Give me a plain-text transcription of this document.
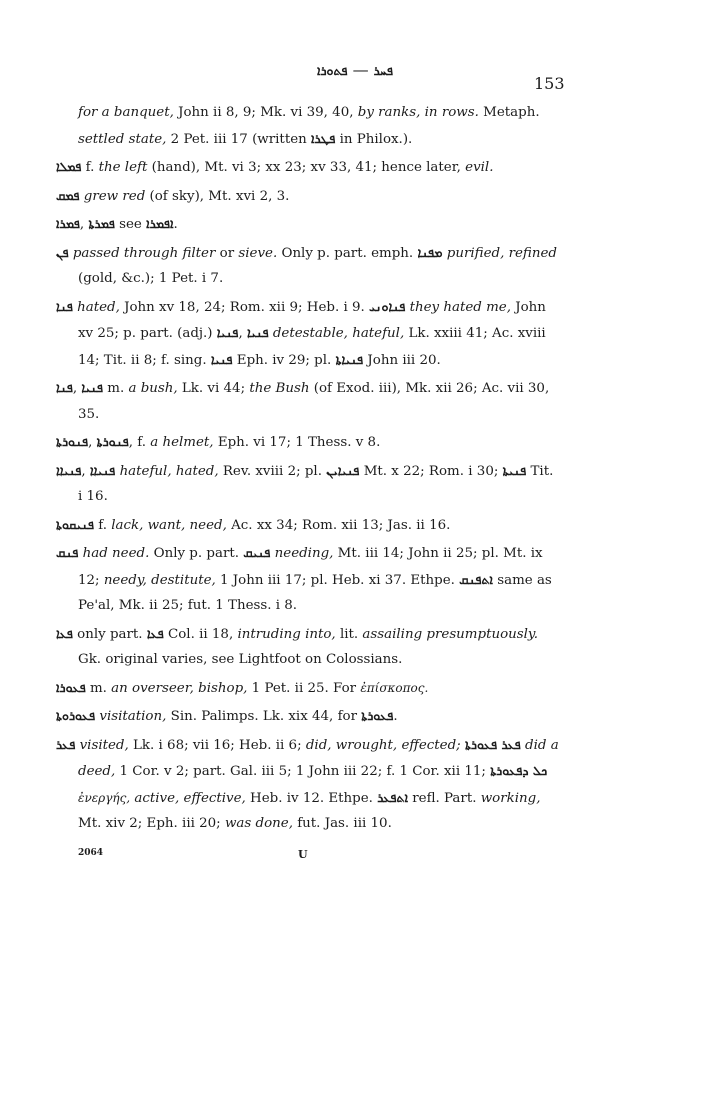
ܦܬܘܪܐ — ܦܚܪ
153

for a banquet, John ii 8, 9; Mk. vi 39, 40, by ranks, in rows. Metaph. settled state, 2 Pet. iii 17 (written ܦܛܪܐ in Philox.).

ܦܡܠܐ f. the left (hand), Mt. vi 3; xx 23; xv 33, 41; hence later, evil.

ܦܡܩ grew red (of sky), Mt. xvi 2, 3.

ܦܡܪܐ, ܦܡܪܬܐ see ܐܦܡܪܐ.

ܦܢ passed through filter or sieve. Only p. part. emph. ܡܦܢܐ purified, refined (gold, &c.); 1 Pet. i 7.

ܦܢܐ hated, John xv 18, 24; Rom. xii 9; Heb. i 9. ܦܢܐܘܢܝ they hated me, John xv 25; p. part. (adj.) ܦܢܝܐ, ܦܢܝܐ detestable, hateful, Lk. xxiii 41; Ac. xviii 14; Tit. ii 8; f. sing. ܦܢܝܐ Eph. iv 29; pl. ܦܢܝܐܬܐ John iii 20.

ܦܢܐ, ܦܢܝܐ m. a bush, Lk. vi 44; the Bush (of Exod. iii), Mk. xii 26; Ac. vii 30, 35.

ܦܢܘܪܬܐ, ܦܢܘܪܬܐ, f. a helmet, Eph. vi 17; 1 Thess. v 8.

ܦܢܝܐܐ, ܦܢܝܐܐ hateful, hated, Rev. xviii 2; pl. ܦܢܝܐܝܢ Mt. x 22; Rom. i 30; ܦܢܝܬܐ Tit. i 16.

ܦܢܝܩܘܬܐ f. lack, want, need, Ac. xx 34; Rom. xii 13; Jas. ii 16.

ܦܢܩ had need. Only p. part. ܦܢܝܩ needing, Mt. iii 14; John ii 25; pl. Mt. ix 12; needy, destitute, 1 John iii 17; pl. Heb. xi 37. Ethpe. ܐܬܦܢܩ same as Pe'al, Mk. ii 25; fut. 1 Thess. i 8.

ܦܥܐ only part. ܦܥܐ Col. ii 18, intruding into, lit. assailing presumptuously. Gk. original varies, see Lightfoot on Colossians.

ܦܥܘܪܐ m. an overseer, bishop, 1 Pet. ii 25. For ἐπίσκοπος.

ܦܥܘܪܘܬܐ visitation, Sin. Palimps. Lk. xix 44, for ܦܥܘܪܬܐ.

ܦܥܪ visited, Lk. i 68; vii 16; Heb. ii 6; did, wrought, effected; ܦܥܪ ܦܥܘܪܬܐ did a deed, 1 Cor. v 2; part. Gal. iii 5; 1 John iii 22; f. 1 Cor. xii 11; ܟܠ ܕܦܥܘܪܬܐ ἐνεργής, active, effective, Heb. iv 12. Ethpe. ܐܬܦܥܪ refl. Part. working, Mt. xiv 2; Eph. iii 20; was done, fut. Jas. iii 10.

2064	U
